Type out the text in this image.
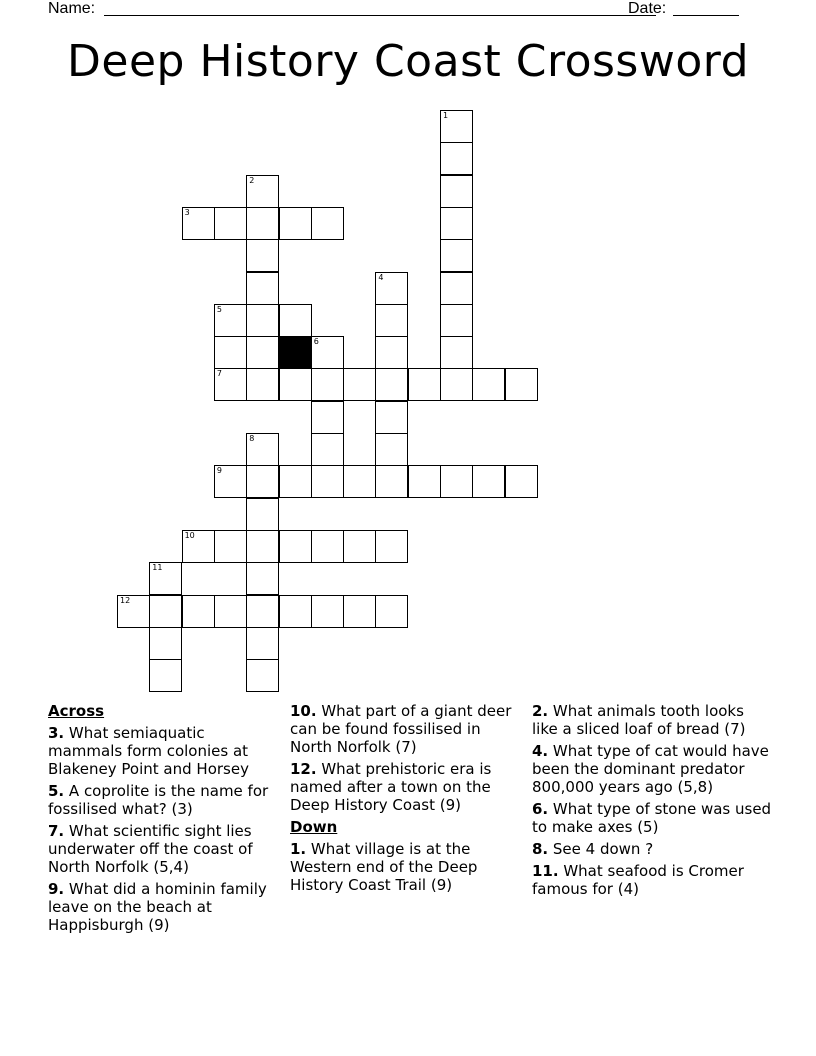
Name:	Date:
Deep History Coast Crossword
1
2
3
4
5
6
7
8
9
10
11
12
Across
3. What semiaquatic mammals form colonies at Blakeney Point and Horsey
5. A coprolite is the name for fossilised what? (3)
7. What scientific sight lies underwater off the coast of North Norfolk (5,4)
9. What did a hominin family leave on the beach at Happisburgh (9)
10. What part of a giant deer can be found fossilised in North Norfolk (7)
12. What prehistoric era is named after a town on the Deep History Coast (9)
Down
1. What village is at the Western end of the Deep History Coast Trail (9)
2. What animals tooth looks like a sliced loaf of bread (7)
4. What type of cat would have been the dominant predator 800,000 years ago (5,8)
6. What type of stone was used to make axes (5)
8. See 4 down ?
11. What seafood is Cromer famous for (4)
